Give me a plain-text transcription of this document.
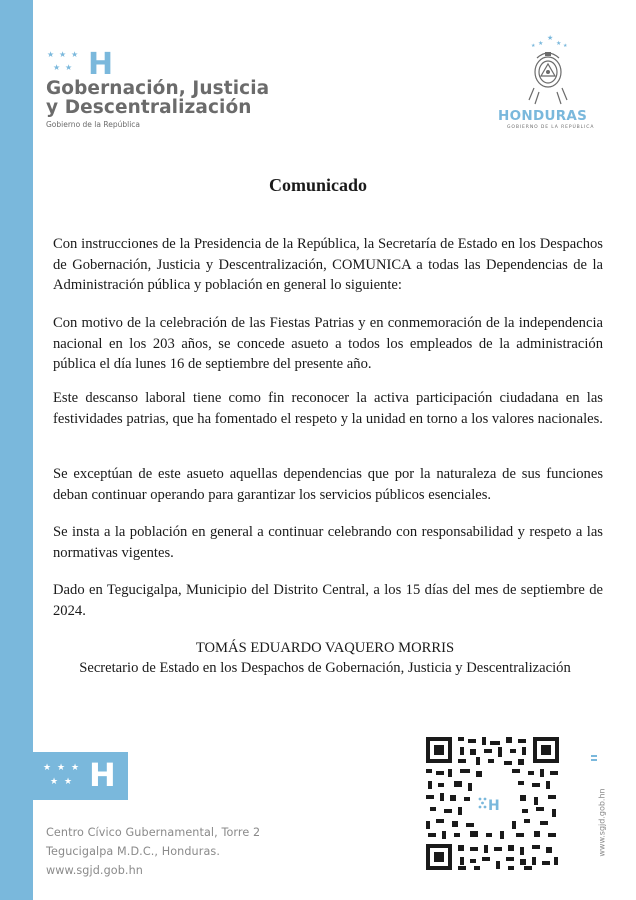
★ ★ ★
★ ★ H
Gobernación, Justicia
y Descentralización
Gobierno de la República
★
★ ★
★	★
HONDURAS
GOBIERNO DE LA REPÚBLICA
Comunicado
Con instrucciones de la Presidencia de la República, la Secretaría de Estado en los Despachos de Gobernación, Justicia y Descentralización, COMUNICA a todas las Dependencias de la Administración pública y población en general lo siguiente:
Con motivo de la celebración de las Fiestas Patrias y en conmemoración de la independencia nacional en los 203 años, se concede asueto a todos los empleados de la administración pública el día lunes 16 de septiembre del presente año.
Este descanso laboral tiene como fin reconocer la activa participación ciudadana en las festividades patrias, que ha fomentado el respeto y la unidad en torno a los valores nacionales.
Se exceptúan de este asueto aquellas dependencias que por la naturaleza de sus funciones deban continuar operando para garantizar los servicios públicos esenciales.
Se insta a la población en general a continuar celebrando con responsabilidad y respeto a las normativas vigentes.
Dado en Tegucigalpa, Municipio del Distrito Central, a los 15 días del mes de septiembre de 2024.
TOMÁS EDUARDO VAQUERO MORRIS
Secretario de Estado en los Despachos de Gobernación, Justicia y Descentralización
★ ★ ★
★ ★ H
Centro Cívico Gubernamental, Torre 2
Tegucigalpa M.D.C., Honduras.
www.sgjd.gob.hn
H	www.sgjd.gob.hn
